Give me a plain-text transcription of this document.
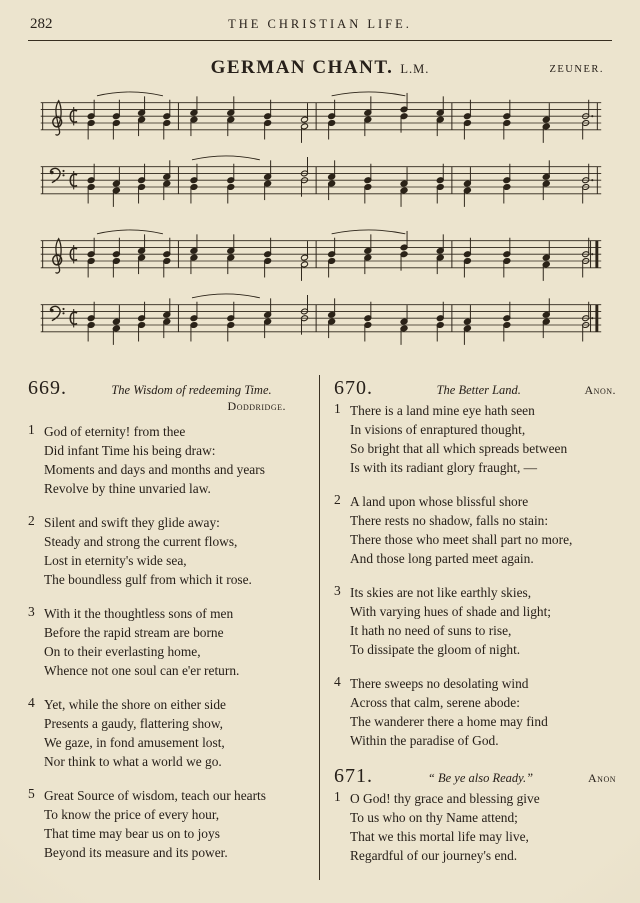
282	THE CHRISTIAN LIFE.
GERMAN CHANT. L.M.	ZEUNER.
669.	The Wisdom of redeeming Time.
Doddridge.
1 God of eternity! from thee
Did infant Time his being draw:
Moments and days and months and years
Revolve by thine unvaried law.
2 Silent and swift they glide away:
Steady and strong the current flows,
Lost in eternity's wide sea,
The boundless gulf from which it rose.
3 With it the thoughtless sons of men
Before the rapid stream are borne
On to their everlasting home,
Whence not one soul can e'er return.
4 Yet, while the shore on either side
Presents a gaudy, flattering show,
We gaze, in fond amusement lost,
Nor think to what a world we go.
5 Great Source of wisdom, teach our hearts
To know the price of every hour,
That time may bear us on to joys
Beyond its measure and its power.
670.	The Better Land.	Anon.
1 There is a land mine eye hath seen
In visions of enraptured thought,
So bright that all which spreads between
Is with its radiant glory fraught, —
2 A land upon whose blissful shore
There rests no shadow, falls no stain:
There those who meet shall part no more,
And those long parted meet again.
3 Its skies are not like earthly skies,
With varying hues of shade and light;
It hath no need of suns to rise,
To dissipate the gloom of night.
4 There sweeps no desolating wind
Across that calm, serene abode:
The wanderer there a home may find
Within the paradise of God.
671.	“ Be ye also Ready.”	Anon
1 O God! thy grace and blessing give
To us who on thy Name attend;
That we this mortal life may live,
Regardful of our journey's end.
